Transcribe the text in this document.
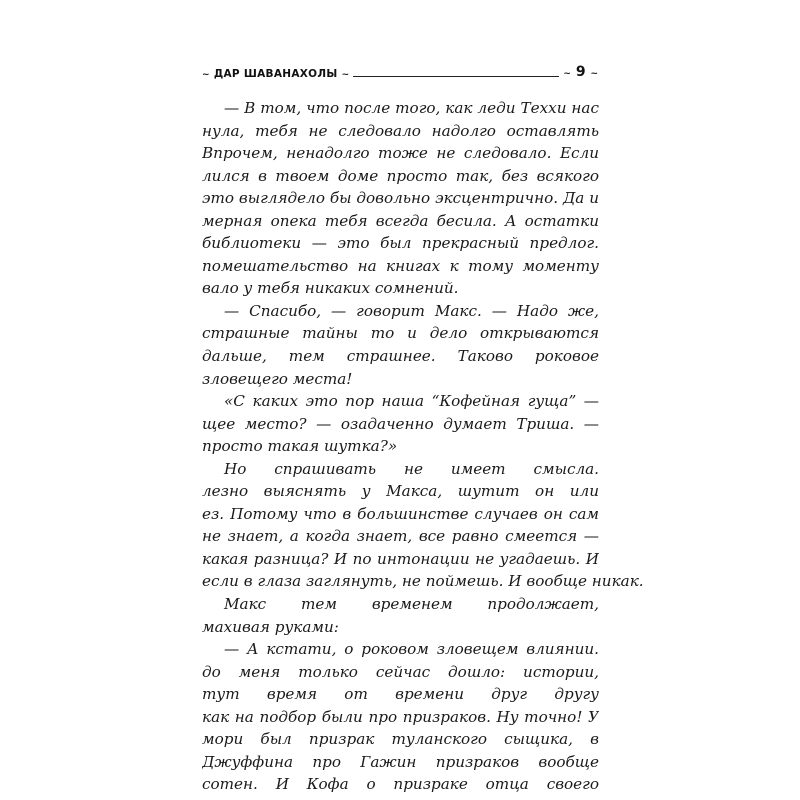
~ ДАР ШАВАНАХОЛЫ ~	~ 9 ~
— В том, что после того, как леди Теххи нас
нула, тебя не следовало надолго оставлять
Впрочем, ненадолго тоже не следовало. Если
лился в твоем доме просто так, без всякого
это выглядело бы довольно эксцентрично. Да и
мерная опека тебя всегда бесила. А остатки
библиотеки — это был прекрасный предлог.
помешательство на книгах к тому моменту
вало у тебя никаких сомнений.
— Спасибо, — говорит Макс. — Надо же,
страшные тайны то и дело открываются
дальше, тем страшнее. Таково роковое
зловещего места!
«С каких это пор наша “Кофейная гуща” —
щее место? — озадаченно думает Триша. —
просто такая шутка?»
Но спрашивать не имеет смысла.
лезно выяснять у Макса, шутит он или
ез. Потому что в большинстве случаев он сам
не знает, а когда знает, все равно смеется —
какая разница? И по интонации не угадаешь. И
если в глаза заглянуть, не поймешь. И вообще никак.
Макс тем временем продолжает,
махивая руками:
— А кстати, о роковом зловещем влиянии.
до меня только сейчас дошло: истории,
тут время от времени друг другу
как на подбор были про призраков. Ну точно! У
мори был призрак туланского сыщика, в
Джуффина про Гажин призраков вообще
сотен. И Кофа о призраке отца своего
